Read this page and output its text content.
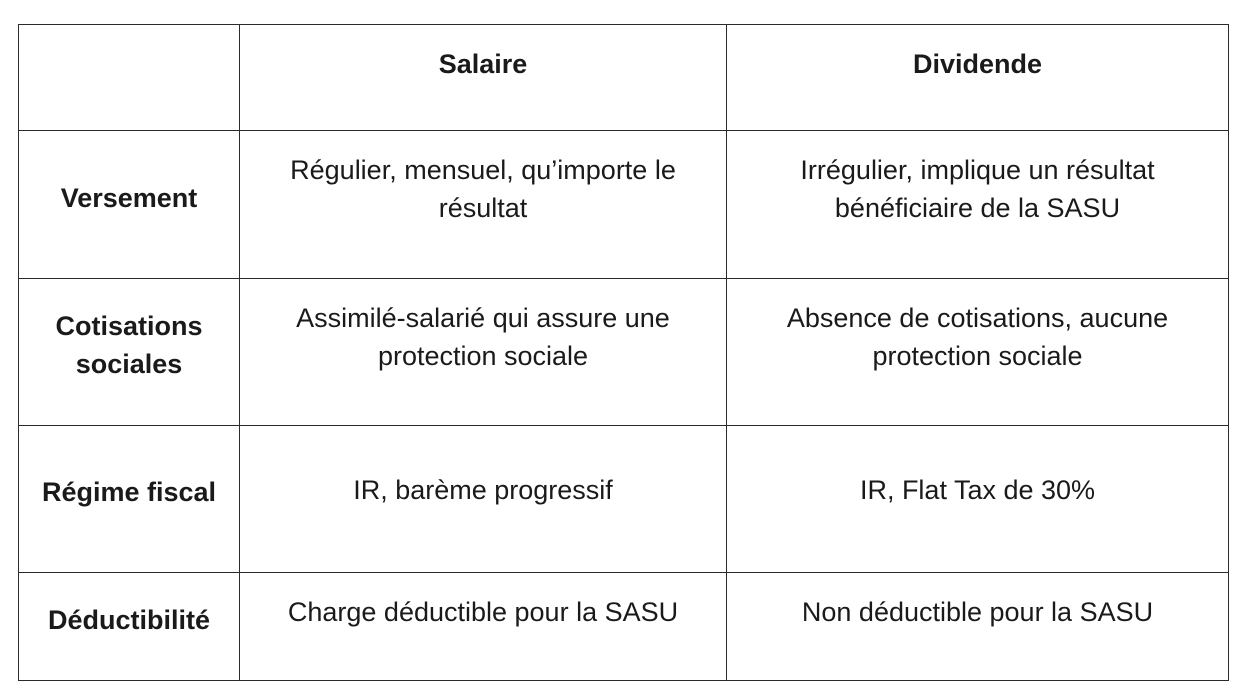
	Salaire	Dividende
Versement	Régulier, mensuel, qu’importe le résultat	Irrégulier, implique un résultat bénéficiaire de la SASU
Cotisations sociales	Assimilé-salarié qui assure une protection sociale	Absence de cotisations, aucune protection sociale
Régime fiscal	IR, barème progressif	IR, Flat Tax de 30%
Déductibilité	Charge déductible pour la SASU	Non déductible pour la SASU
